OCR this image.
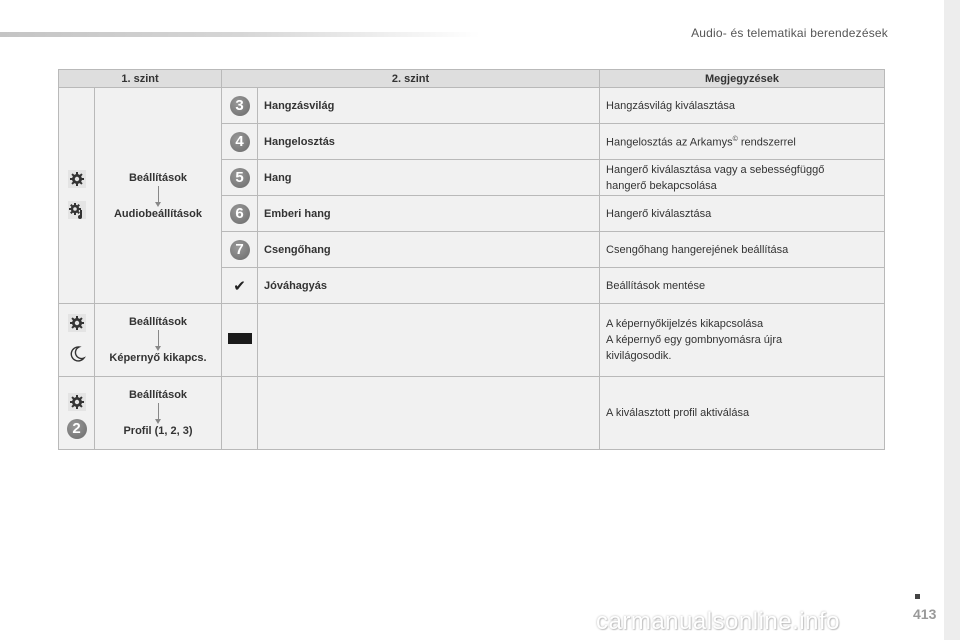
Audio- és telematikai berendezések
1. szint		2. szint		Megjegyzések

Beállítások
Audiobeállítások	3	Hangzásvilág	Hangzásvilág kiválasztása
		4	Hangelosztás	Hangelosztás az Arkamys© rendszerrel
		5	Hang	Hangerő kiválasztása vagy a sebességfüggő
hangerő bekapcsolása
		6	Emberi hang	Hangerő kiválasztása
		7	Csengőhang	Csengőhang hangerejének beállítása
		✔	Jóváhagyás	Beállítások mentése

Beállítások
Képernyő kikapcs.			A képernyőkijelzés kikapcsolása
A képernyő egy gombnyomásra újra
kivilágosodik.

2	Beállítások
Profil (1, 2, 3)			A kiválasztott profil aktiválása
413
carmanualsonline.info
